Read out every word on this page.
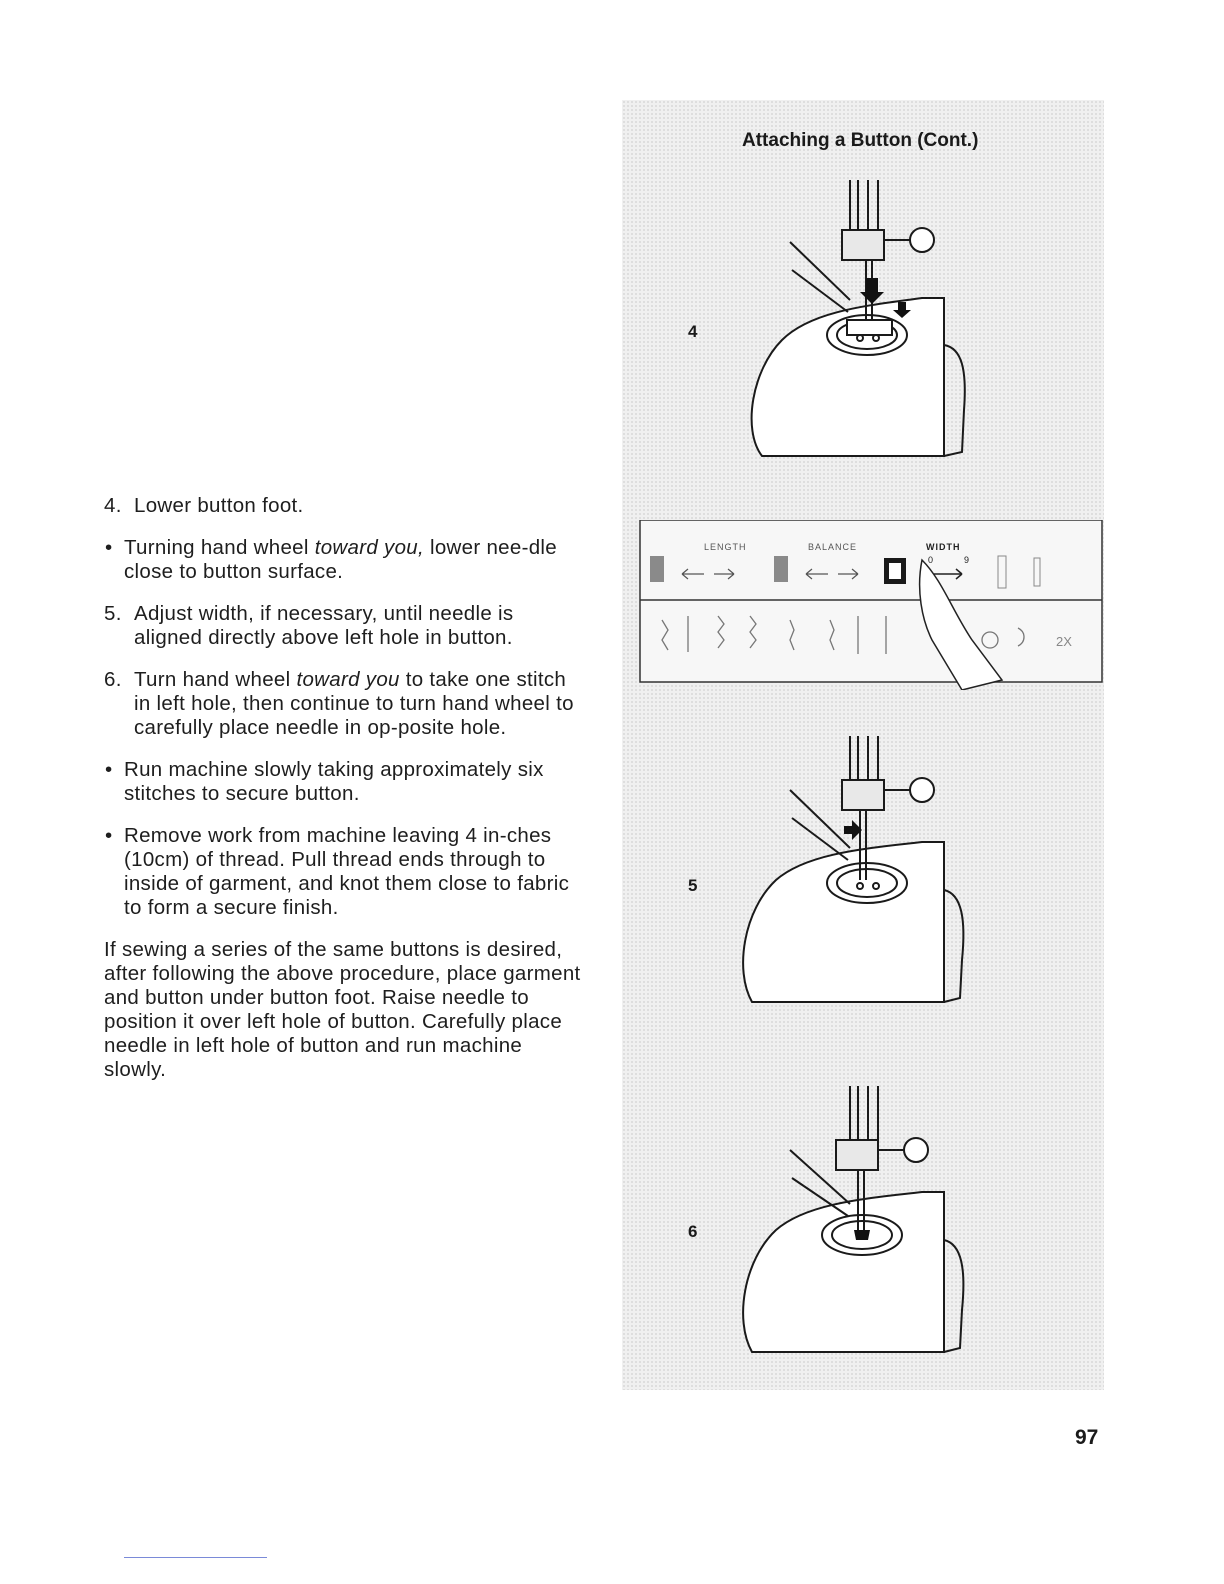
4. Lower button foot.
• Turning hand wheel toward you, lower nee-dle close to button surface.
5. Adjust width, if necessary, until needle is aligned directly above left hole in button.
6. Turn hand wheel toward you to take one stitch in left hole, then continue to turn hand wheel to carefully place needle in op-posite hole.
• Run machine slowly taking approximately six stitches to secure button.
• Remove work from machine leaving 4 in-ches (10cm) of thread. Pull thread ends through to inside of garment, and knot them close to fabric to form a secure finish.

If sewing a series of the same buttons is desired, after following the above procedure, place garment and button under button foot. Raise needle to position it over left hole of button. Carefully place needle in left hole of button and run machine slowly.

Attaching a Button (Cont.)
4
LENGTH	BALANCE	WIDTH
0	9
2X
5
6
97
